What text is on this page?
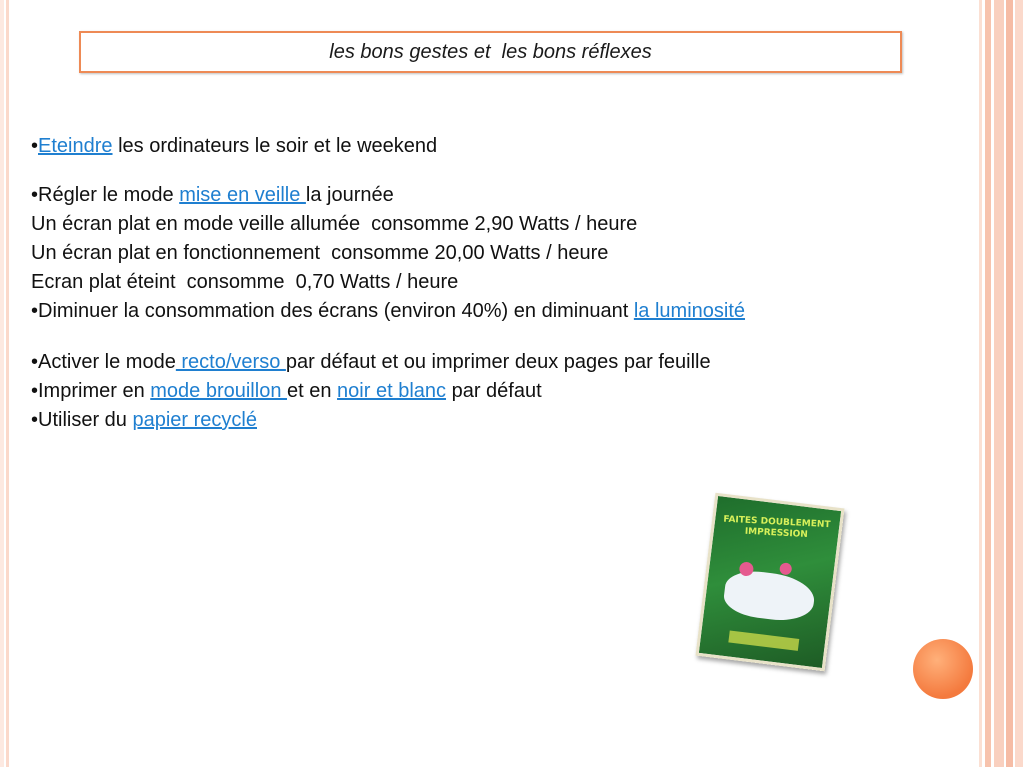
les bons gestes et  les bons réflexes
•Eteindre les ordinateurs le soir et le weekend
•Régler le mode mise en veille la journée
Un écran plat en mode veille allumée  consomme 2,90 Watts / heure
Un écran plat en fonctionnement  consomme 20,00 Watts / heure
Ecran plat éteint  consomme  0,70 Watts / heure
•Diminuer la consommation des écrans (environ 40%) en diminuant la luminosité
•Activer le mode recto/verso par défaut et ou imprimer deux pages par feuille
•Imprimer en mode brouillon et en noir et blanc par défaut
•Utiliser du papier recyclé
FAITES DOUBLEMENT IMPRESSION
